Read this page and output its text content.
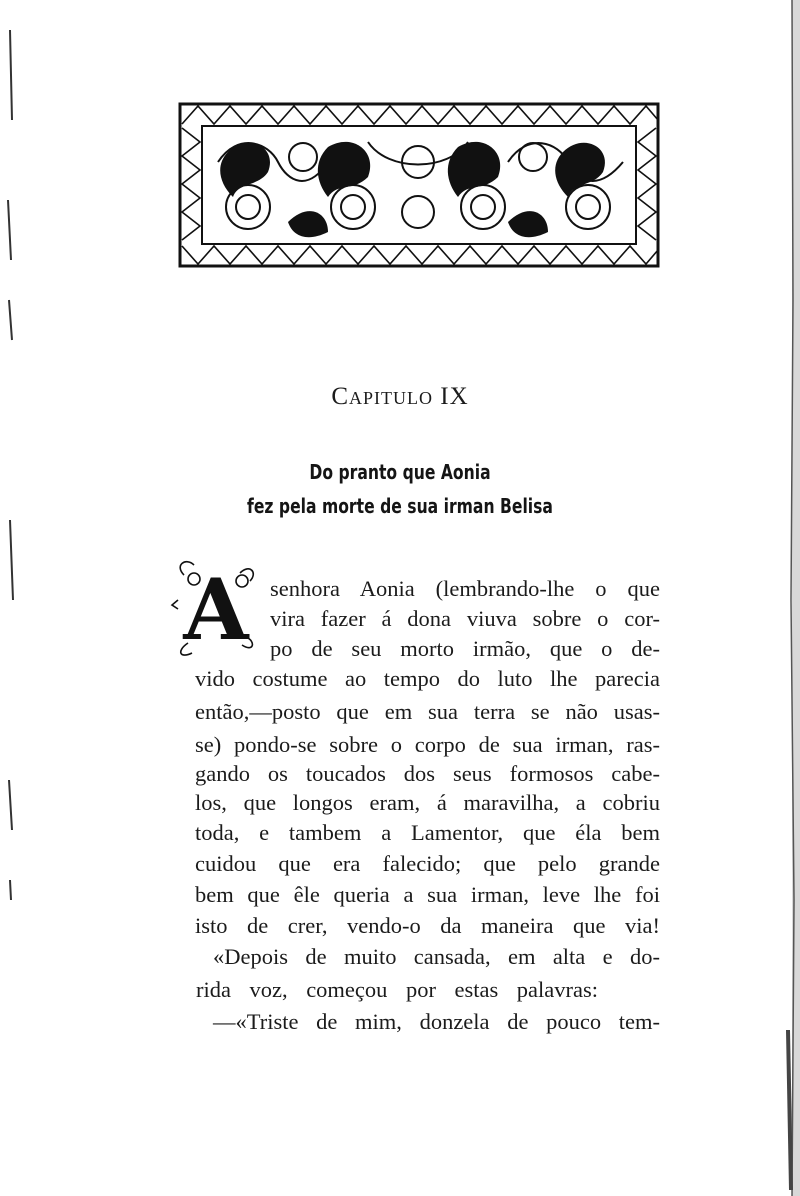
Capitulo IX
Do pranto que Aonia
fez pela morte de sua irman Belisa
A senhora Aonia (lembrando-lhe o que
vira fazer á dona viuva sobre o cor-
po de seu morto irmão, que o de-
vido costume ao tempo do luto lhe parecia
então,—posto que em sua terra se não usas-
se) pondo-se sobre o corpo de sua irman, ras-
gando os toucados dos seus formosos cabe-
los, que longos eram, á maravilha, a cobriu
toda, e tambem a Lamentor, que éla bem
cuidou que era falecido; que pelo grande
bem que êle queria a sua irman, leve lhe foi
isto de crer, vendo-o da maneira que via!
«Depois de muito cansada, em alta e do-
rida voz, começou por estas palavras:
—«Triste de mim, donzela de pouco tem-
